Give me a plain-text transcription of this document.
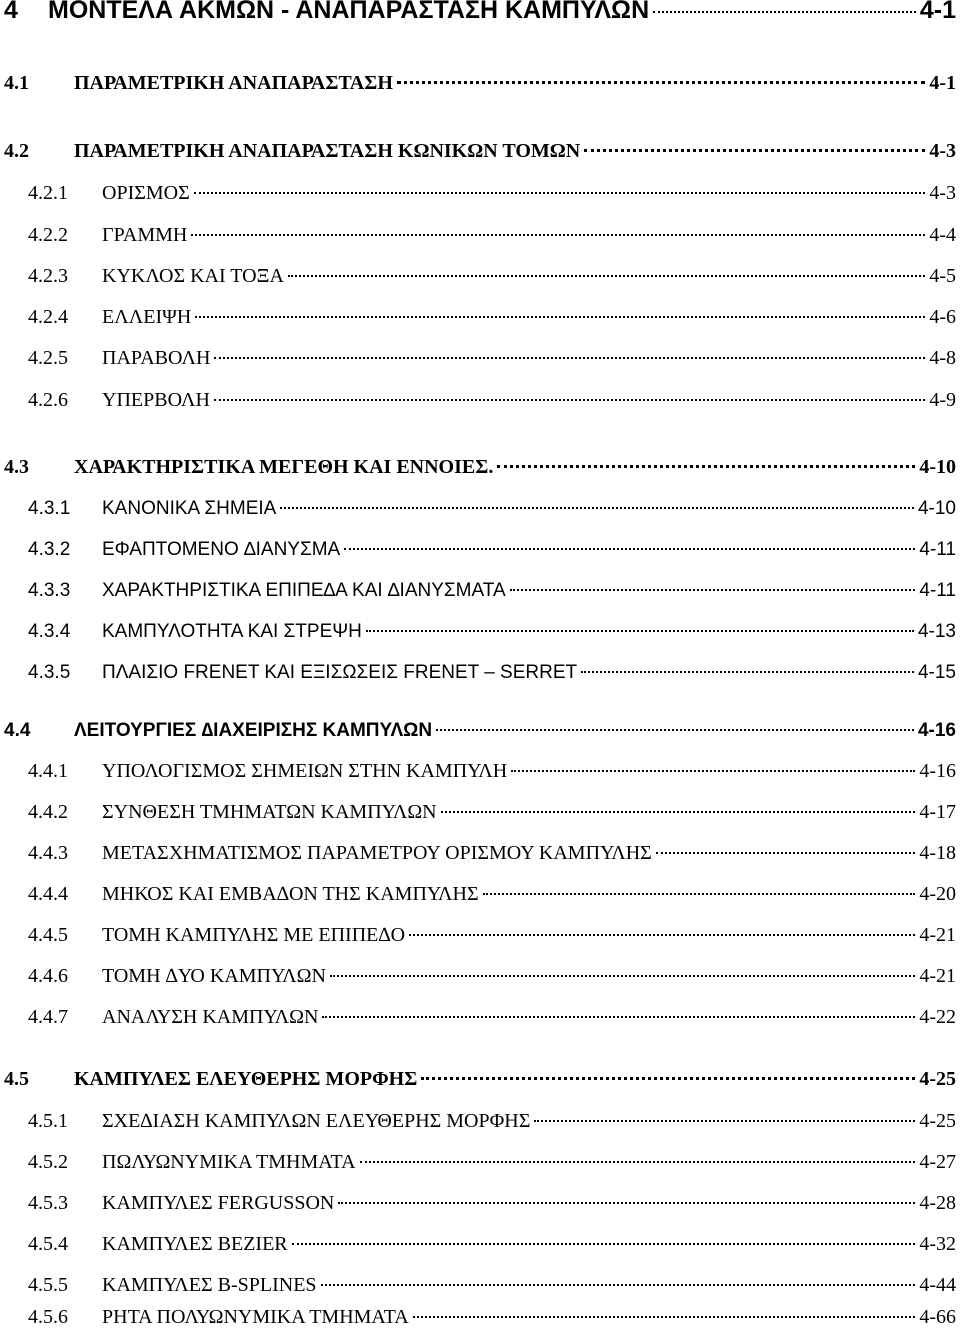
4	ΜΟΝΤΕΛΑ ΑΚΜΩΝ - ΑΝΑΠΑΡΑΣΤΑΣΗ ΚΑΜΠΥΛΩΝ	4-1
4.1	ΠΑΡΑΜΕΤΡΙΚΗ ΑΝΑΠΑΡΑΣΤΑΣΗ	4-1
4.2	ΠΑΡΑΜΕΤΡΙΚΗ ΑΝΑΠΑΡΑΣΤΑΣΗ ΚΩΝΙΚΩΝ ΤΟΜΩΝ	4-3
4.2.1	ΟΡΙΣΜΟΣ	4-3
4.2.2	ΓΡΑΜΜΗ	4-4
4.2.3	ΚΥΚΛΟΣ ΚΑΙ ΤΟΞΑ	4-5
4.2.4	ΕΛΛΕΙΨΗ	4-6
4.2.5	ΠΑΡΑΒΟΛΗ	4-8
4.2.6	ΥΠΕΡΒΟΛΗ	4-9
4.3	ΧΑΡΑΚΤΗΡΙΣΤΙΚΑ ΜΕΓΕΘΗ ΚΑΙ ΕΝΝΟΙΕΣ.	4-10
4.3.1	ΚΑΝΟΝΙΚΑ ΣΗΜΕΙΑ	4-10
4.3.2	ΕΦΑΠΤΟΜΕΝΟ ∆ΙΑΝΥΣΜΑ	4-11
4.3.3	ΧΑΡΑΚΤΗΡΙΣΤΙΚΑ ΕΠΙΠΕ∆Α ΚΑΙ ∆ΙΑΝΥΣΜΑΤΑ	4-11
4.3.4	ΚΑΜΠΥΛΟΤΗΤΑ ΚΑΙ ΣΤΡΕΨΗ	4-13
4.3.5	ΠΛΑΙΣΙΟ FRENET ΚΑΙ ΕΞΙΣΩΣΕΙΣ FRENET – SERRET	4-15
4.4	ΛΕΙΤΟΥΡΓΙΕΣ ∆ΙΑΧΕΙΡΙΣΗΣ ΚΑΜΠΥΛΩΝ	4-16
4.4.1	ΥΠΟΛΟΓΙΣΜΟΣ ΣΗΜΕΙΩΝ ΣΤΗΝ ΚΑΜΠΥΛΗ	4-16
4.4.2	ΣΥΝΘΕΣΗ ΤΜΗΜΑΤΩΝ ΚΑΜΠΥΛΩΝ	4-17
4.4.3	ΜΕΤΑΣΧΗΜΑΤΙΣΜΟΣ ΠΑΡΑΜΕΤΡΟΥ ΟΡΙΣΜΟΥ ΚΑΜΠΥΛΗΣ	4-18
4.4.4	ΜΗΚΟΣ ΚΑΙ ΕΜΒΑ∆ΟΝ ΤΗΣ ΚΑΜΠΥΛΗΣ	4-20
4.4.5	ΤΟΜΗ ΚΑΜΠΥΛΗΣ ΜΕ ΕΠΙΠΕ∆Ο	4-21
4.4.6	ΤΟΜΗ ∆ΥΟ ΚΑΜΠΥΛΩΝ	4-21
4.4.7	ΑΝΑΛΥΣΗ ΚΑΜΠΥΛΩΝ	4-22
4.5	ΚΑΜΠΥΛΕΣ ΕΛΕΥΘΕΡΗΣ ΜΟΡΦΗΣ	4-25
4.5.1	ΣΧΕ∆ΙΑΣΗ ΚΑΜΠΥΛΩΝ ΕΛΕΥΘΕΡΗΣ ΜΟΡΦΗΣ	4-25
4.5.2	ΠΩΛΥΩΝΥΜΙΚΑ ΤΜΗΜΑΤΑ	4-27
4.5.3	ΚΑΜΠΥΛΕΣ FERGUSSON	4-28
4.5.4	ΚΑΜΠΥΛΕΣ BEZIER	4-32
4.5.5	ΚΑΜΠΥΛΕΣ B-SPLINES	4-44
4.5.6	ΡΗΤΑ ΠΟΛΥΩΝΥΜΙΚΑ ΤΜΗΜΑΤΑ	4-66
